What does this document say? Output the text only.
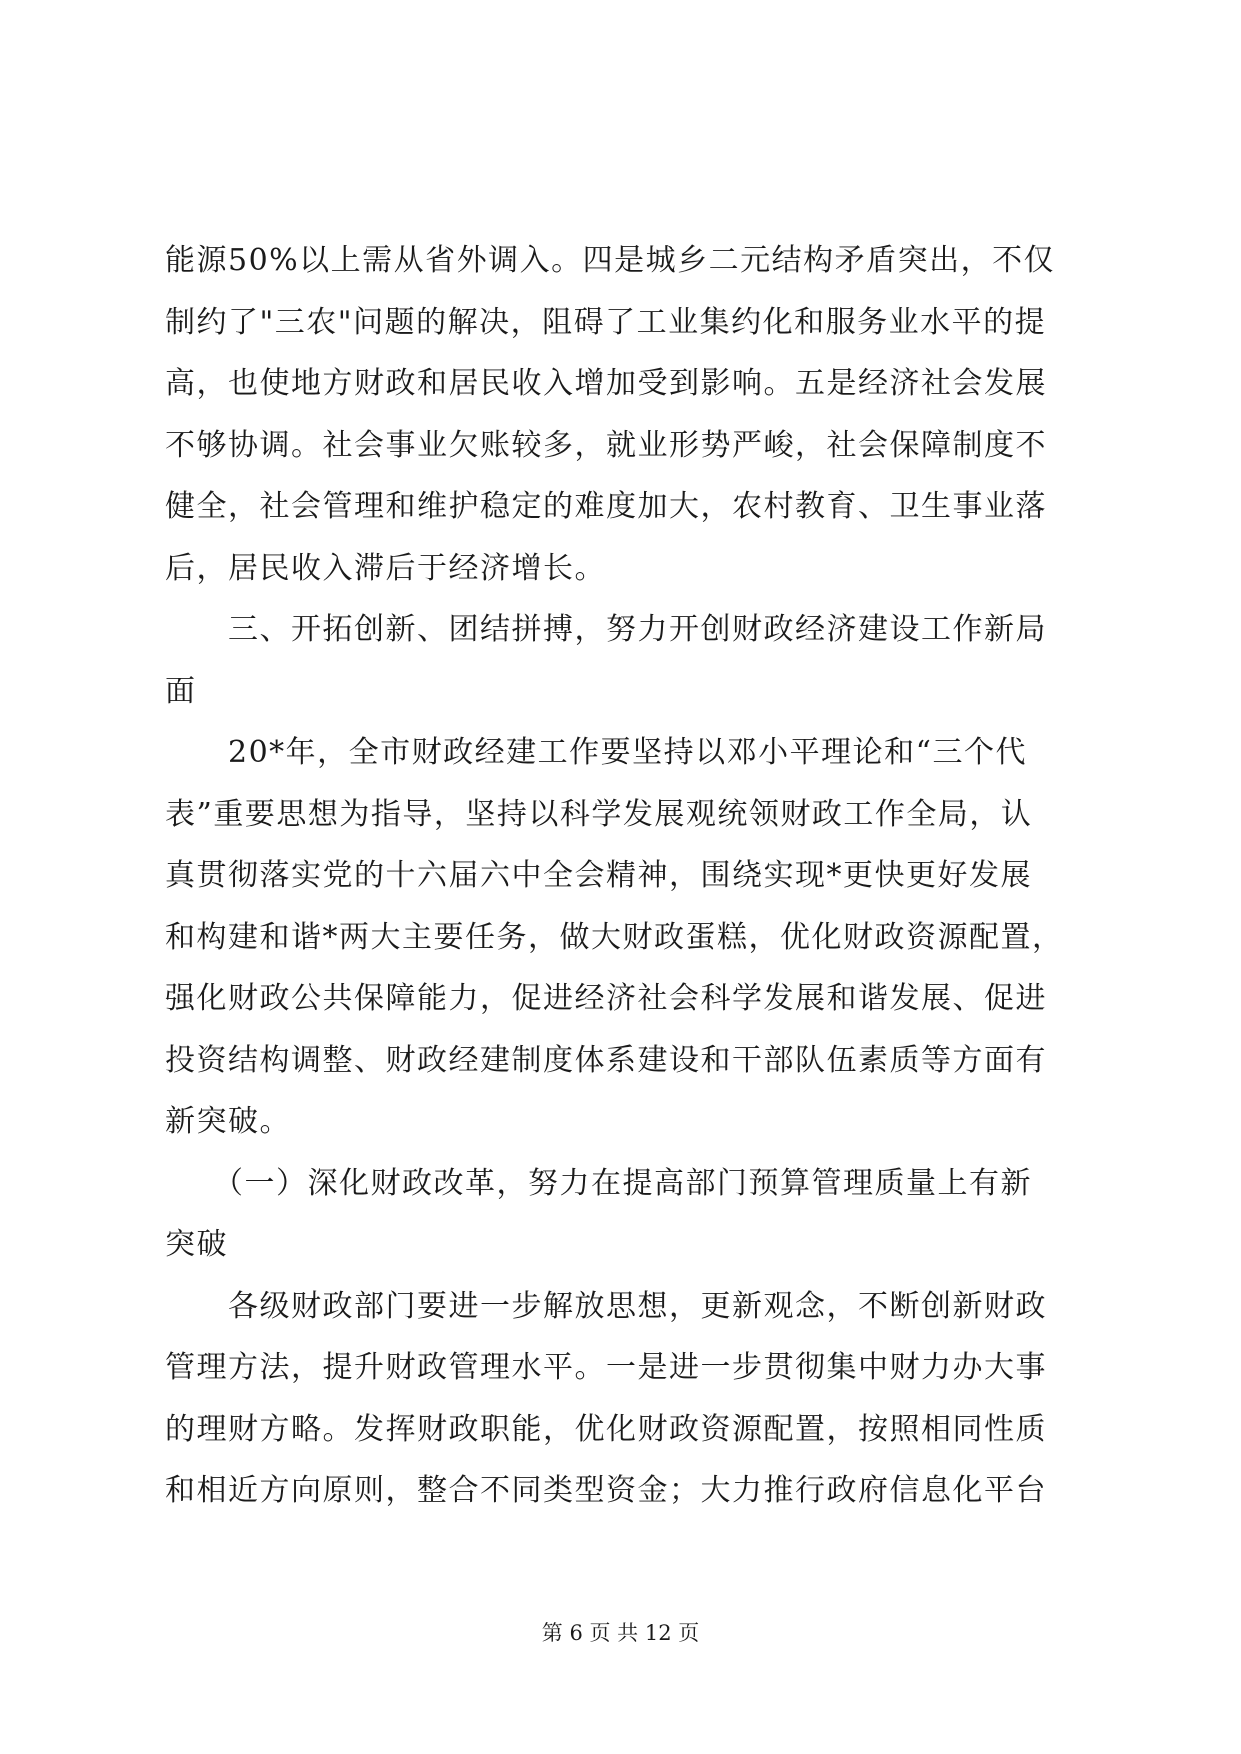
能源50%以上需从省外调入。四是城乡二元结构矛盾突出，不仅
制约了"三农"问题的解决，阻碍了工业集约化和服务业水平的提
高，也使地方财政和居民收入增加受到影响。五是经济社会发展
不够协调。社会事业欠账较多，就业形势严峻，社会保障制度不
健全，社会管理和维护稳定的难度加大，农村教育、卫生事业落
后，居民收入滞后于经济增长。
　　三、开拓创新、团结拼搏，努力开创财政经济建设工作新局
面
　　20*年，全市财政经建工作要坚持以邓小平理论和“三个代
表”重要思想为指导，坚持以科学发展观统领财政工作全局，认
真贯彻落实党的十六届六中全会精神，围绕实现*更快更好发展
和构建和谐*两大主要任务，做大财政蛋糕，优化财政资源配置，
强化财政公共保障能力，促进经济社会科学发展和谐发展、促进
投资结构调整、财政经建制度体系建设和干部队伍素质等方面有
新突破。
　　（一）深化财政改革，努力在提高部门预算管理质量上有新
突破
　　各级财政部门要进一步解放思想，更新观念，不断创新财政
管理方法，提升财政管理水平。一是进一步贯彻集中财力办大事
的理财方略。发挥财政职能，优化财政资源配置，按照相同性质
和相近方向原则，整合不同类型资金；大力推行政府信息化平台
第 6 页 共 12 页
